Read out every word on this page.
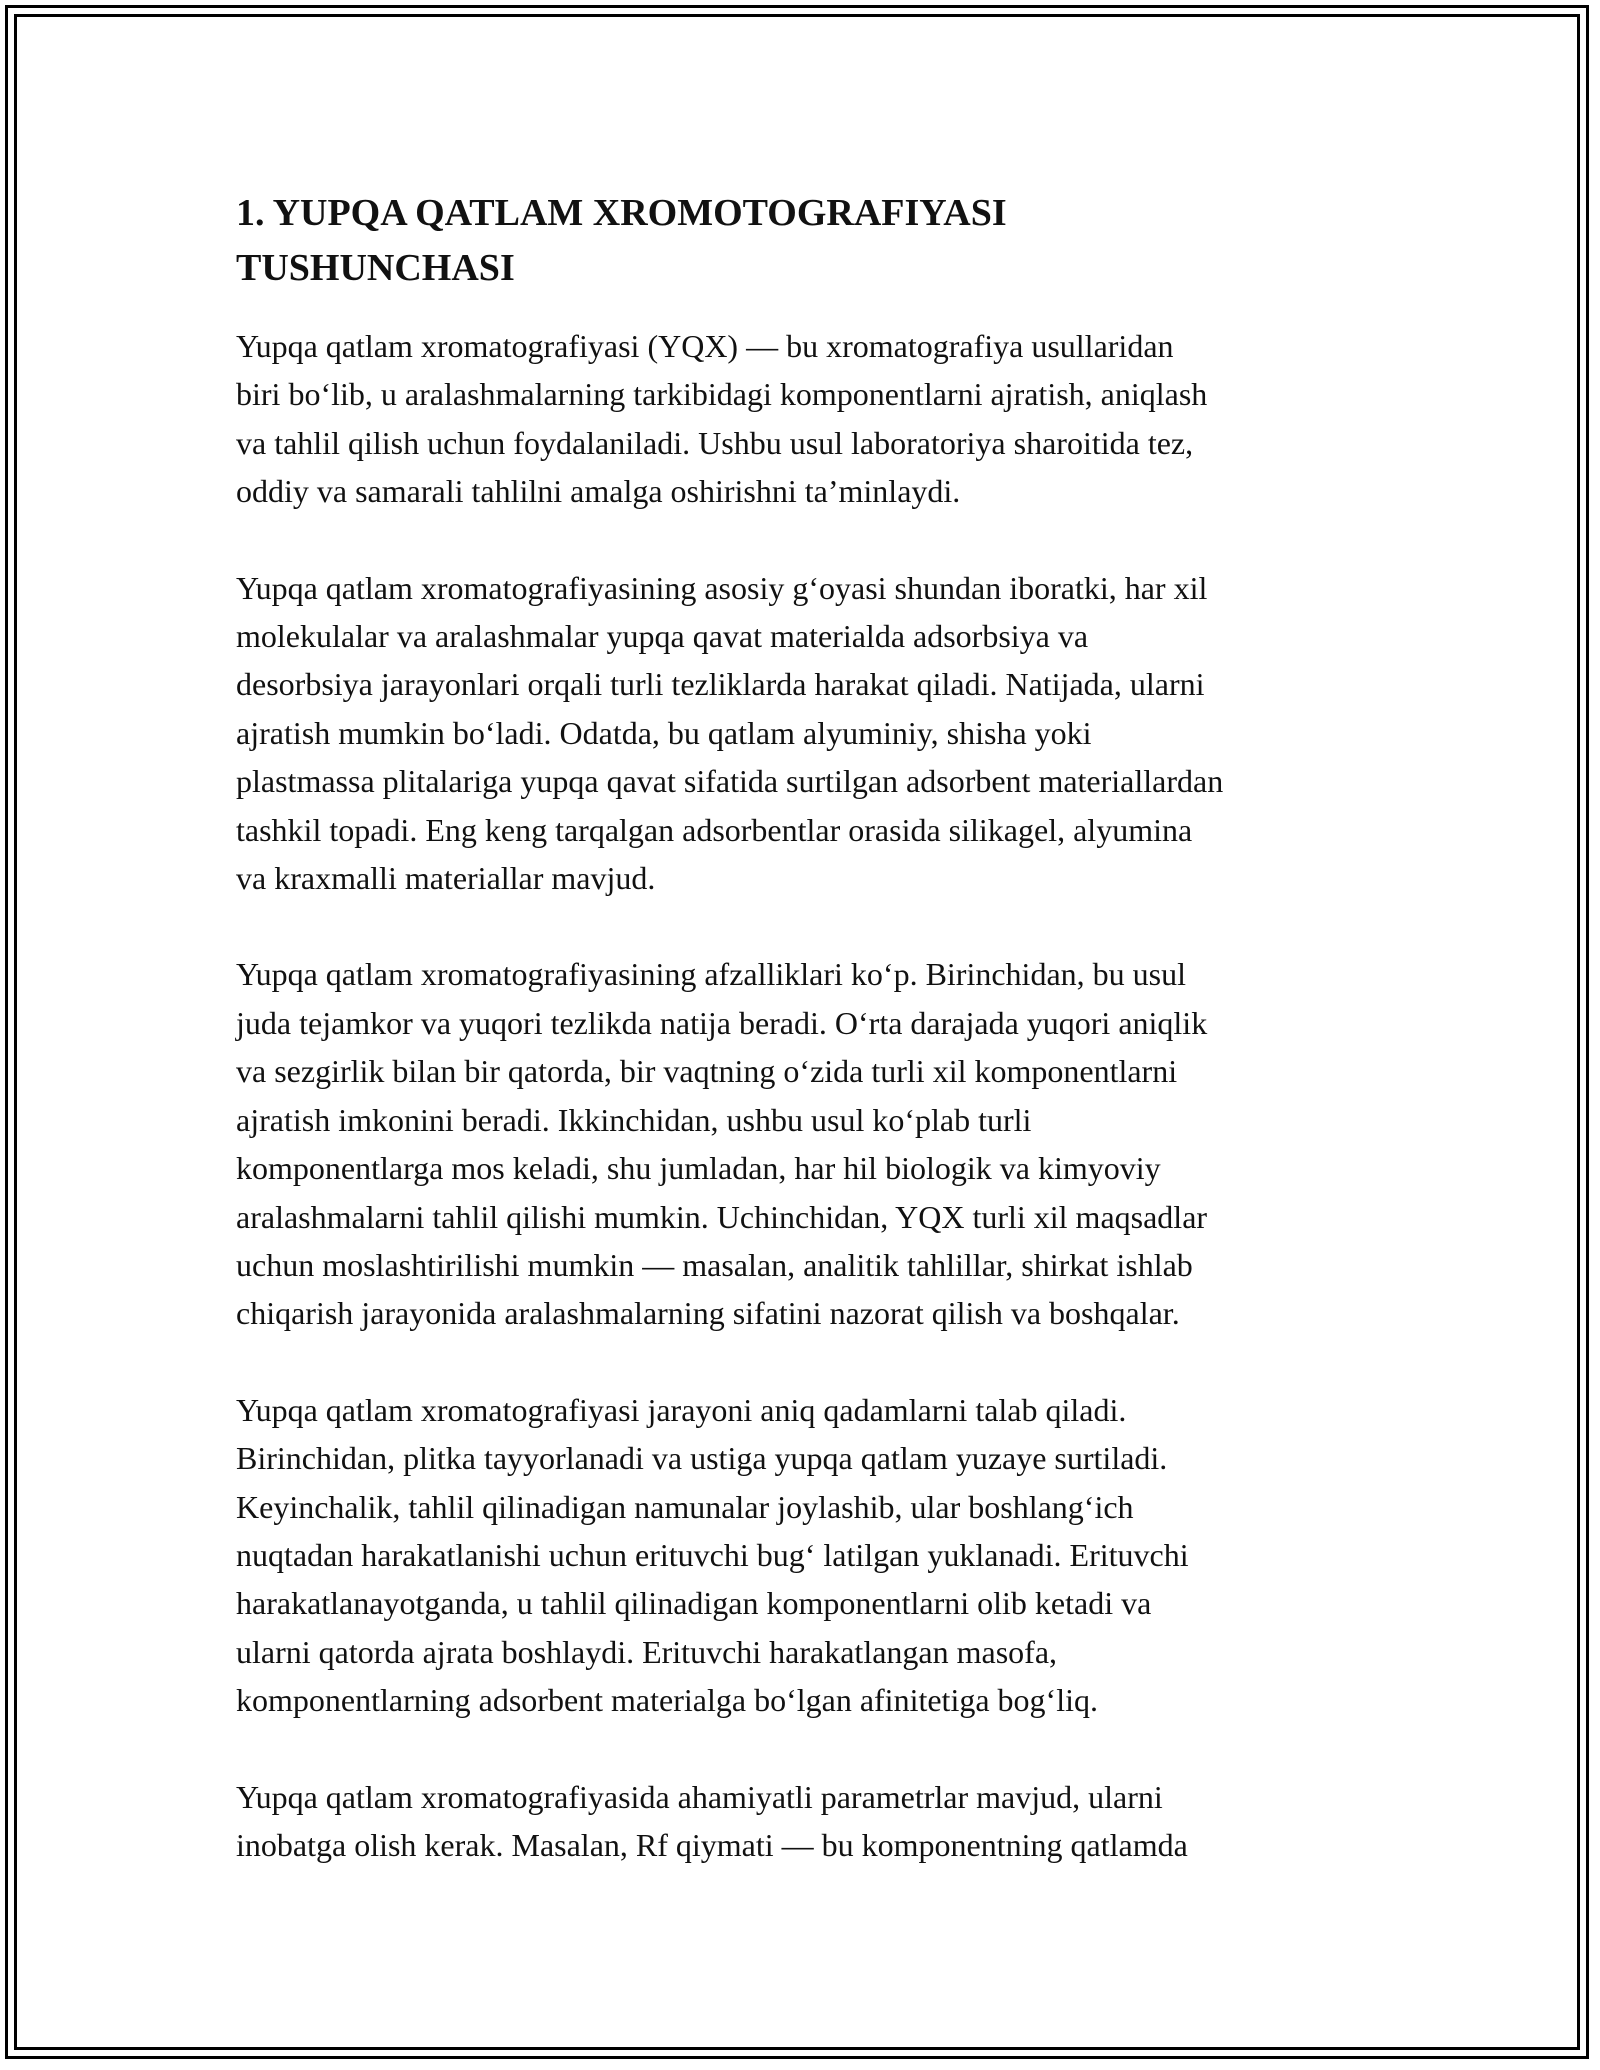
1. YUPQA QATLAM XROMOTOGRAFIYASI
TUSHUNCHASI

Yupqa qatlam xromatografiyasi (YQX) — bu xromatografiya usullaridan
biri bo‘lib, u aralashmalarning tarkibidagi komponentlarni ajratish, aniqlash
va tahlil qilish uchun foydalaniladi. Ushbu usul laboratoriya sharoitida tez,
oddiy va samarali tahlilni amalga oshirishni ta’minlaydi.

Yupqa qatlam xromatografiyasining asosiy g‘oyasi shundan iboratki, har xil
molekulalar va aralashmalar yupqa qavat materialda adsorbsiya va
desorbsiya jarayonlari orqali turli tezliklarda harakat qiladi. Natijada, ularni
ajratish mumkin bo‘ladi. Odatda, bu qatlam alyuminiy, shisha yoki
plastmassa plitalariga yupqa qavat sifatida surtilgan adsorbent materiallardan
tashkil topadi. Eng keng tarqalgan adsorbentlar orasida silikagel, alyumina
va kraxmalli materiallar mavjud.

Yupqa qatlam xromatografiyasining afzalliklari ko‘p. Birinchidan, bu usul
juda tejamkor va yuqori tezlikda natija beradi. O‘rta darajada yuqori aniqlik
va sezgirlik bilan bir qatorda, bir vaqtning o‘zida turli xil komponentlarni
ajratish imkonini beradi. Ikkinchidan, ushbu usul ko‘plab turli
komponentlarga mos keladi, shu jumladan, har hil biologik va kimyoviy
aralashmalarni tahlil qilishi mumkin. Uchinchidan, YQX turli xil maqsadlar
uchun moslashtirilishi mumkin — masalan, analitik tahlillar, shirkat ishlab
chiqarish jarayonida aralashmalarning sifatini nazorat qilish va boshqalar.

Yupqa qatlam xromatografiyasi jarayoni aniq qadamlarni talab qiladi.
Birinchidan, plitka tayyorlanadi va ustiga yupqa qatlam yuzaye surtiladi.
Keyinchalik, tahlil qilinadigan namunalar joylashib, ular boshlang‘ich
nuqtadan harakatlanishi uchun erituvchi bug‘ latilgan yuklanadi. Erituvchi
harakatlanayotganda, u tahlil qilinadigan komponentlarni olib ketadi va
ularni qatorda ajrata boshlaydi. Erituvchi harakatlangan masofa,
komponentlarning adsorbent materialga bo‘lgan afinitetiga bog‘liq.

Yupqa qatlam xromatografiyasida ahamiyatli parametrlar mavjud, ularni
inobatga olish kerak. Masalan, Rf qiymati — bu komponentning qatlamda
